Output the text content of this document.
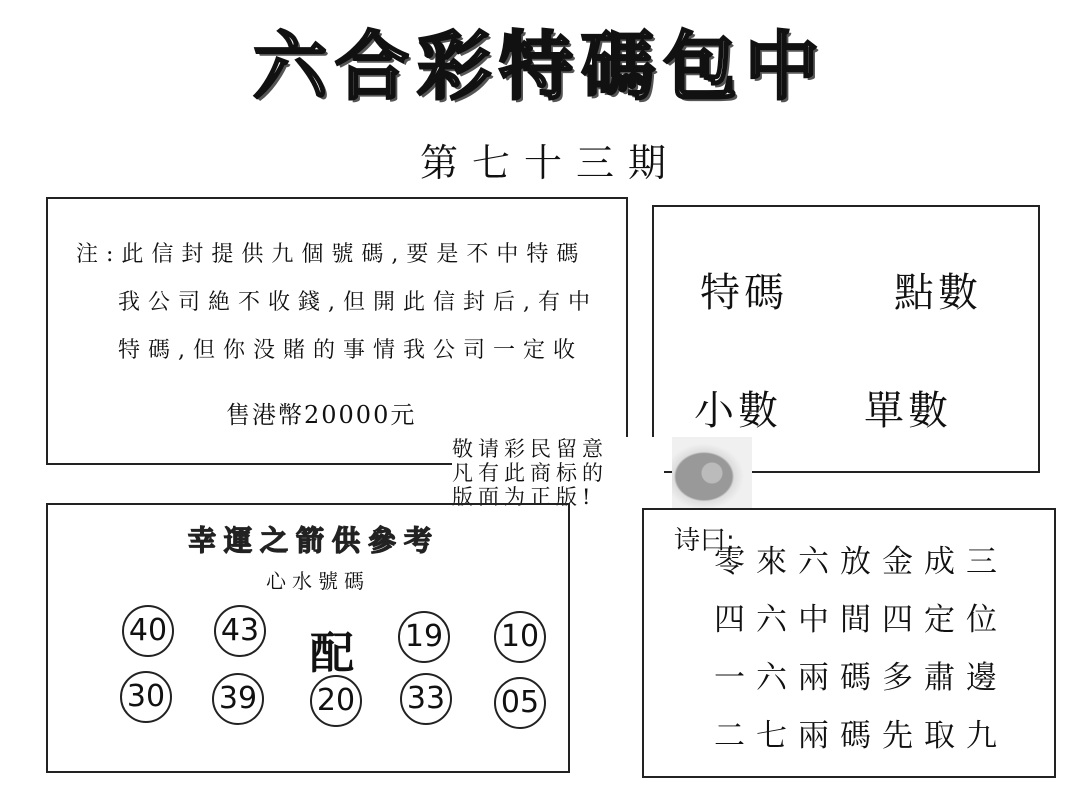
六合彩特碼包中
第七十三期
注:此信封提供九個號碼,要是不中特碼
我公司絶不收錢,但開此信封后,有中
特碼,但你没賭的事情我公司一定收
售港幣20000元
特碼	點數
小數 單數
敬请彩民留意
凡有此商标的
版面为正版!
幸運之箭供參考
心水號碼
40 43 配 19 10
30 39 20 33 05
诗曰:
零來六放金成三
四六中間四定位
一六兩碼多肅邊
二七兩碼先取九
